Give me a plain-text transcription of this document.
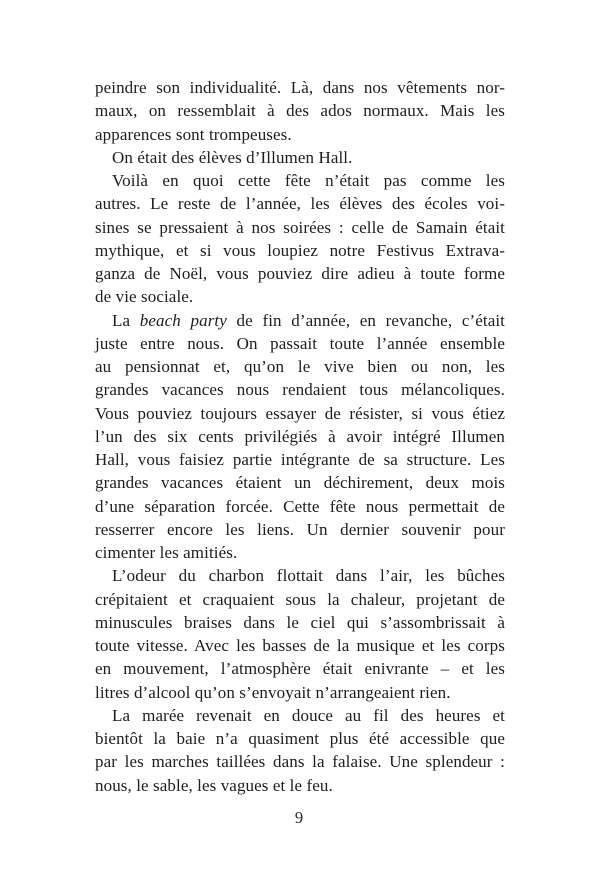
peindre son individualité. Là, dans nos vêtements nor-
maux, on ressemblait à des ados normaux. Mais les
apparences sont trompeuses.
On était des élèves d’Illumen Hall.
Voilà en quoi cette fête n’était pas comme les
autres. Le reste de l’année, les élèves des écoles voi-
sines se pressaient à nos soirées : celle de Samain était
mythique, et si vous loupiez notre Festivus Extrava-
ganza de Noël, vous pouviez dire adieu à toute forme
de vie sociale.
La beach party de fin d’année, en revanche, c’était
juste entre nous. On passait toute l’année ensemble
au pensionnat et, qu’on le vive bien ou non, les
grandes vacances nous rendaient tous mélancoliques.
Vous pouviez toujours essayer de résister, si vous étiez
l’un des six cents privilégiés à avoir intégré Illumen
Hall, vous faisiez partie intégrante de sa structure. Les
grandes vacances étaient un déchirement, deux mois
d’une séparation forcée. Cette fête nous permettait de
resserrer encore les liens. Un dernier souvenir pour
cimenter les amitiés.
L’odeur du charbon flottait dans l’air, les bûches
crépitaient et craquaient sous la chaleur, projetant de
minuscules braises dans le ciel qui s’assombrissait à
toute vitesse. Avec les basses de la musique et les corps
en mouvement, l’atmosphère était enivrante – et les
litres d’alcool qu’on s’envoyait n’arrangeaient rien.
La marée revenait en douce au fil des heures et
bientôt la baie n’a quasiment plus été accessible que
par les marches taillées dans la falaise. Une splendeur :
nous, le sable, les vagues et le feu.
9
